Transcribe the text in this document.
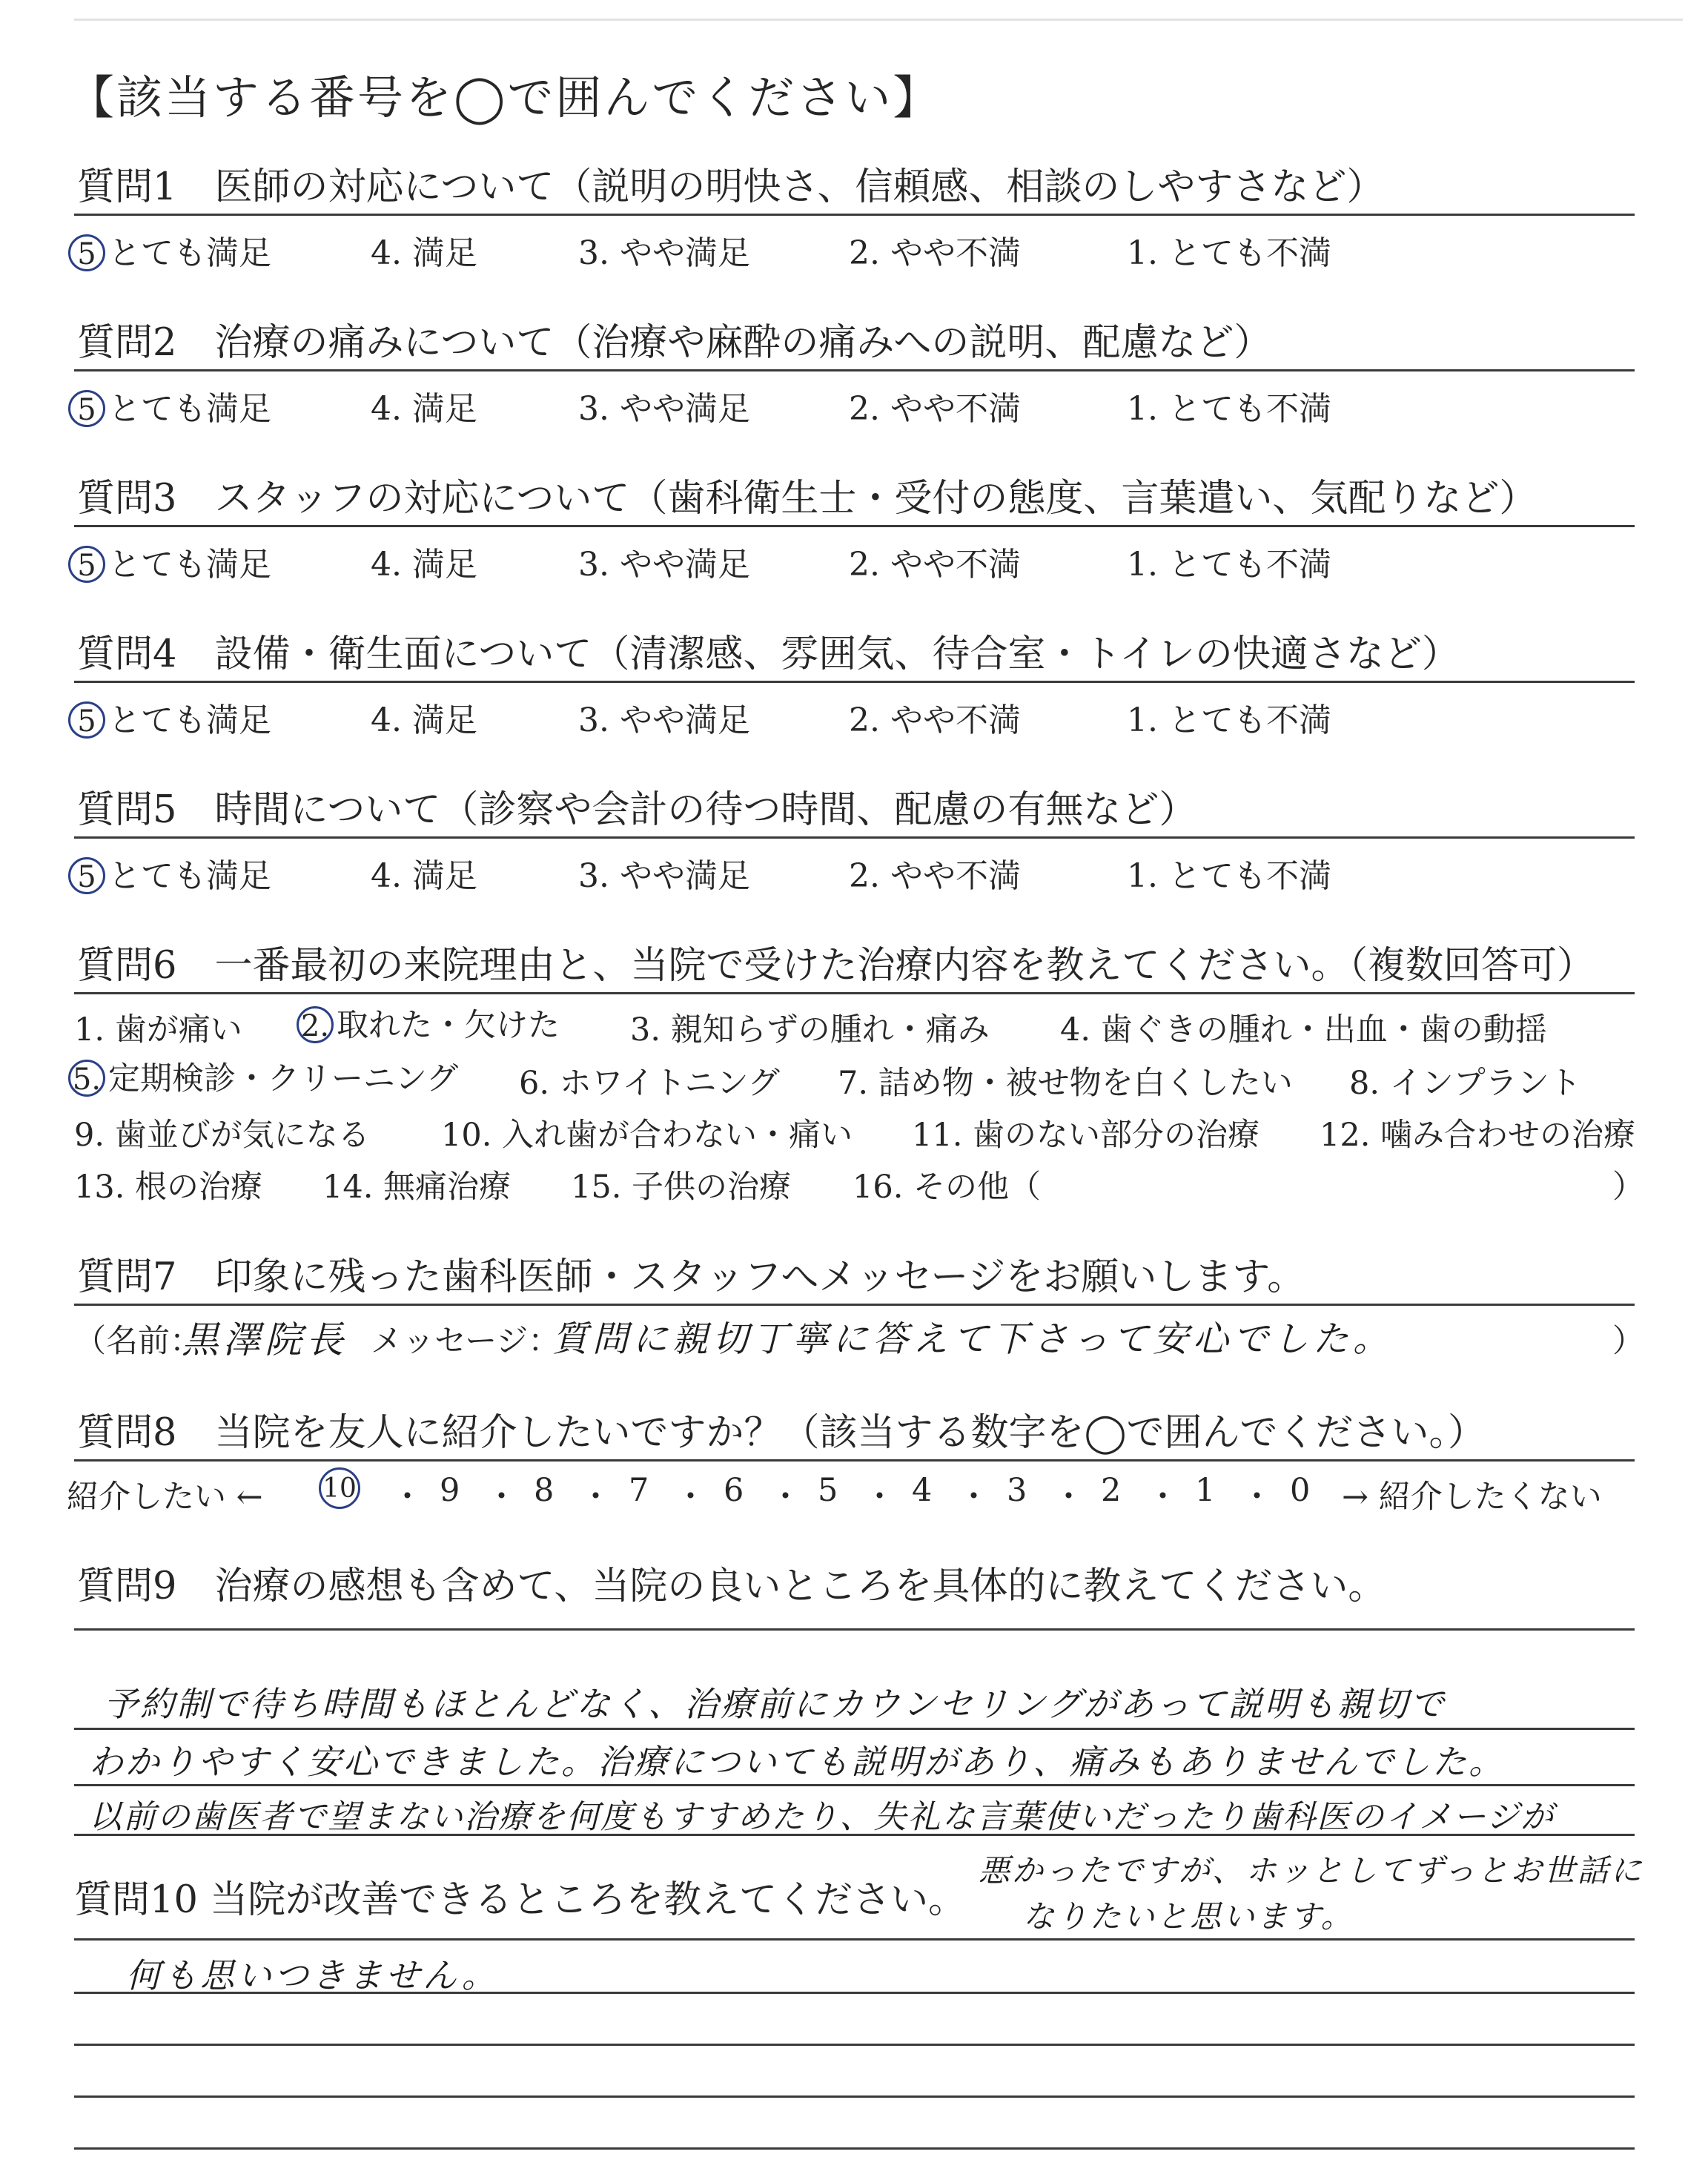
【該当する番号を◯で囲んでください】
質問1　医師の対応について（説明の明快さ、信頼感、相談のしやすさなど）
5 とても満足	4. 満足	3. やや満足	2. やや不満	1. とても不満
質問2　治療の痛みについて（治療や麻酔の痛みへの説明、配慮など）
5 とても満足	4. 満足	3. やや満足	2. やや不満	1. とても不満
質問3　スタッフの対応について（歯科衛生士・受付の態度、言葉遣い、気配りなど）
5 とても満足	4. 満足	3. やや満足	2. やや不満	1. とても不満
質問4　設備・衛生面について（清潔感、雰囲気、待合室・トイレの快適さなど）
5 とても満足	4. 満足	3. やや満足	2. やや不満	1. とても不満
質問5　時間について（診察や会計の待つ時間、配慮の有無など）
5 とても満足	4. 満足	3. やや満足	2. やや不満	1. とても不満
質問6　一番最初の来院理由と、当院で受けた治療内容を教えてください。（複数回答可）
1. 歯が痛い 2. 取れた・欠けた 3. 親知らずの腫れ・痛み 4. 歯ぐきの腫れ・出血・歯の動揺
5. 定期検診・クリーニング 6. ホワイトニング 7. 詰め物・被せ物を白くしたい 8. インプラント
9. 歯並びが気になる 10. 入れ歯が合わない・痛い 11. 歯のない部分の治療 12. 噛み合わせの治療
13. 根の治療 14. 無痛治療 15. 子供の治療 16. その他（	）
質問7　印象に残った歯科医師・スタッフへメッセージをお願いします。
（名前：
黒澤院長 メッセージ：
質問に親切丁寧に答えて下さって安心でした。	）
質問8　当院を友人に紹介したいですか？（該当する数字を◯で囲んでください。）
紹介したい ← 10 ・ 9 ・ 8 ・ 7 ・ 6 ・ 5 ・ 4 ・ 3 ・ 2 ・ 1 ・ 0 → 紹介したくない
質問9　治療の感想も含めて、当院の良いところを具体的に教えてください。
予約制で待ち時間もほとんどなく、治療前にカウンセリングがあって説明も親切で
わかりやすく安心できました。治療についても説明があり、痛みもありませんでした。
以前の歯医者で望まない治療を何度もすすめたり、失礼な言葉使いだったり歯科医のイメージが
悪かったですが、ホッとしてずっとお世話に
なりたいと思います。
質問10 当院が改善できるところを教えてください。
何も思いつきません。
